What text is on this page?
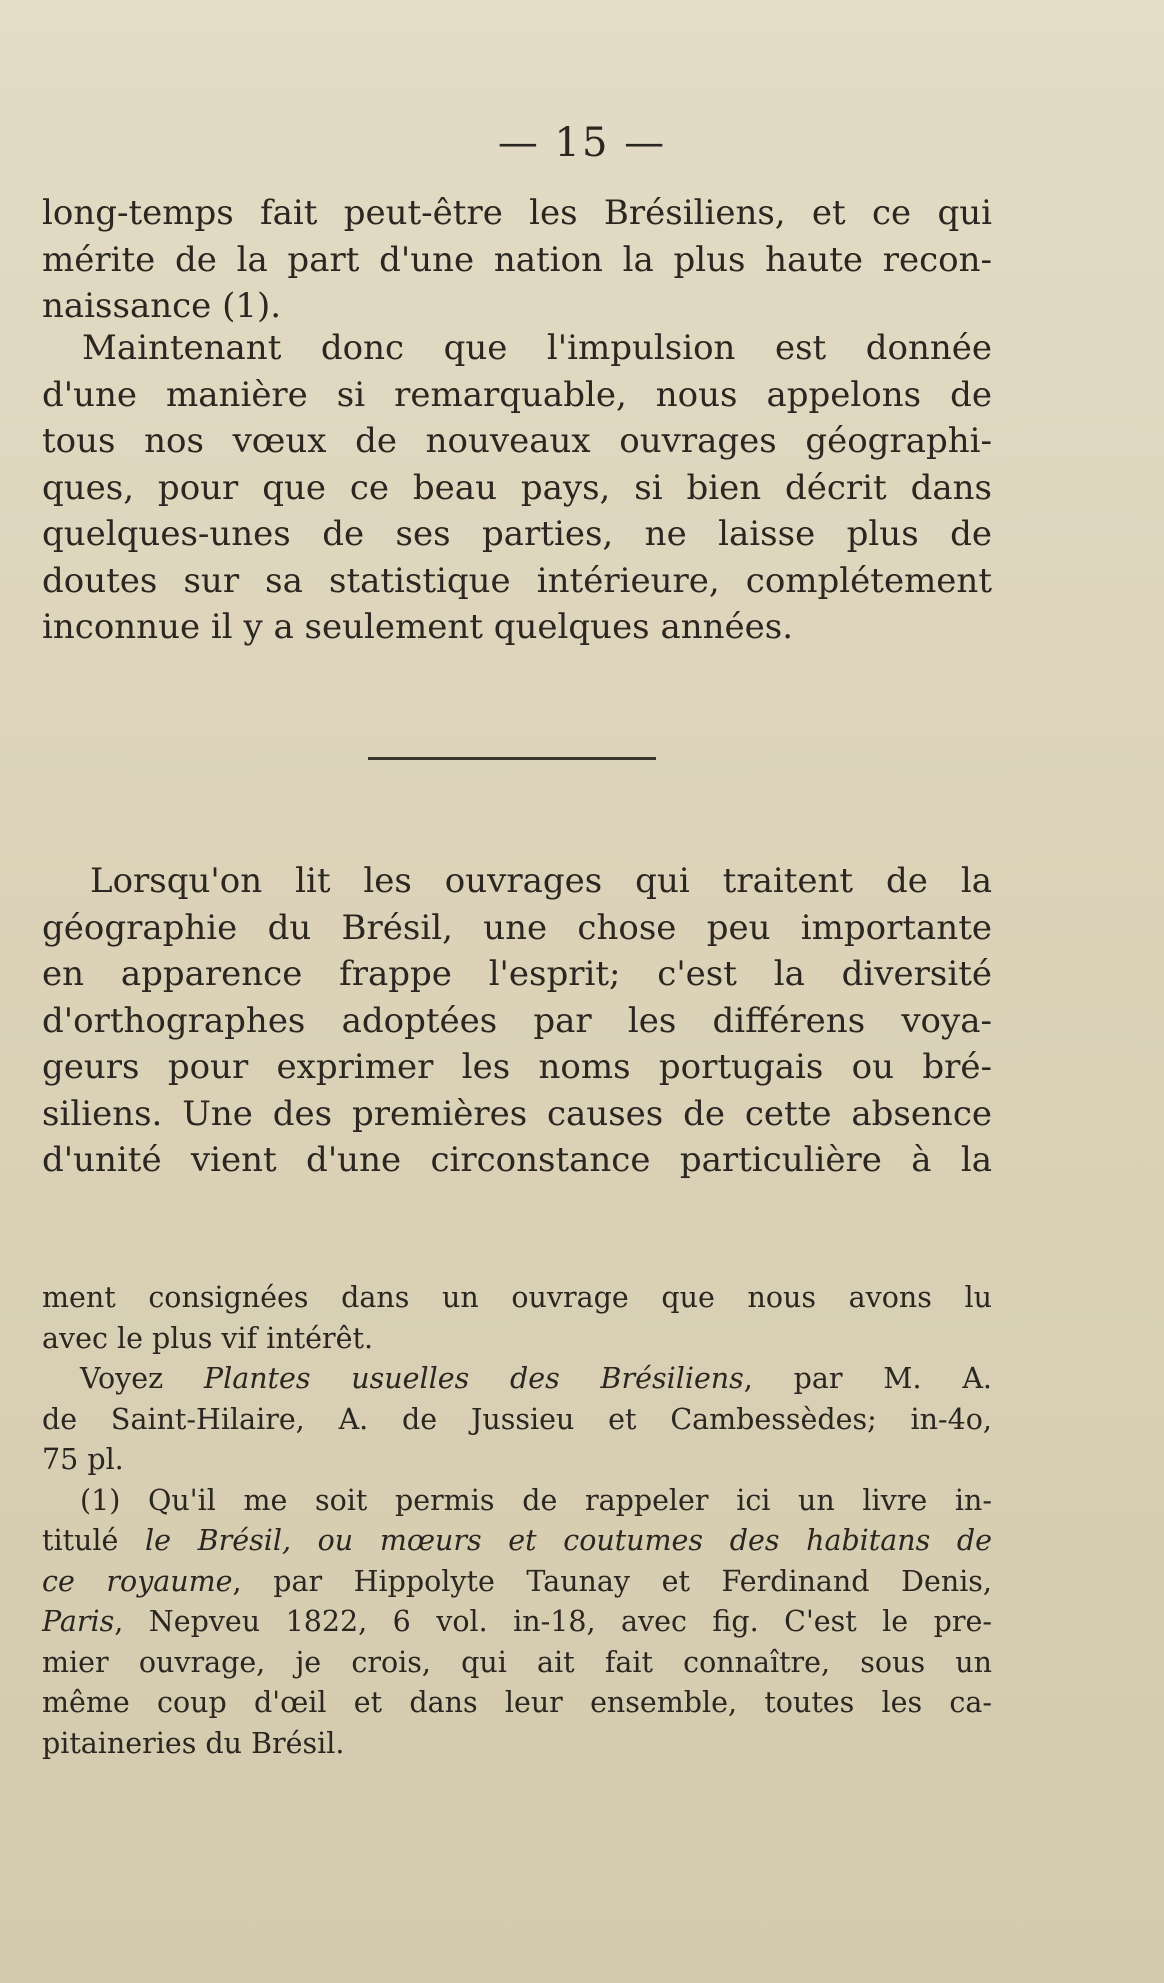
— 15 —
long-temps fait peut-être les Brésiliens, et ce qui
mérite de la part d'une nation la plus haute recon-
naissance (1).
Maintenant donc que l'impulsion est donnée
d'une manière si remarquable, nous appelons de
tous nos vœux de nouveaux ouvrages géographi-
ques, pour que ce beau pays, si bien décrit dans
quelques-unes de ses parties, ne laisse plus de
doutes sur sa statistique intérieure, complétement
inconnue il y a seulement quelques années.
Lorsqu'on lit les ouvrages qui traitent de la
géographie du Brésil, une chose peu importante
en apparence frappe l'esprit; c'est la diversité
d'orthographes adoptées par les différens voya-
geurs pour exprimer les noms portugais ou bré-
siliens. Une des premières causes de cette absence
d'unité vient d'une circonstance particulière à la
ment consignées dans un ouvrage que nous avons lu
avec le plus vif intérêt.
Voyez Plantes usuelles des Brésiliens, par M. A.
de Saint-Hilaire, A. de Jussieu et Cambessèdes; in-4o,
75 pl.
(1) Qu'il me soit permis de rappeler ici un livre in-
titulé le Brésil, ou mœurs et coutumes des habitans de
ce royaume, par Hippolyte Taunay et Ferdinand Denis,
Paris, Nepveu 1822, 6 vol. in-18, avec fig. C'est le pre-
mier ouvrage, je crois, qui ait fait connaître, sous un
même coup d'œil et dans leur ensemble, toutes les ca-
pitaineries du Brésil.
